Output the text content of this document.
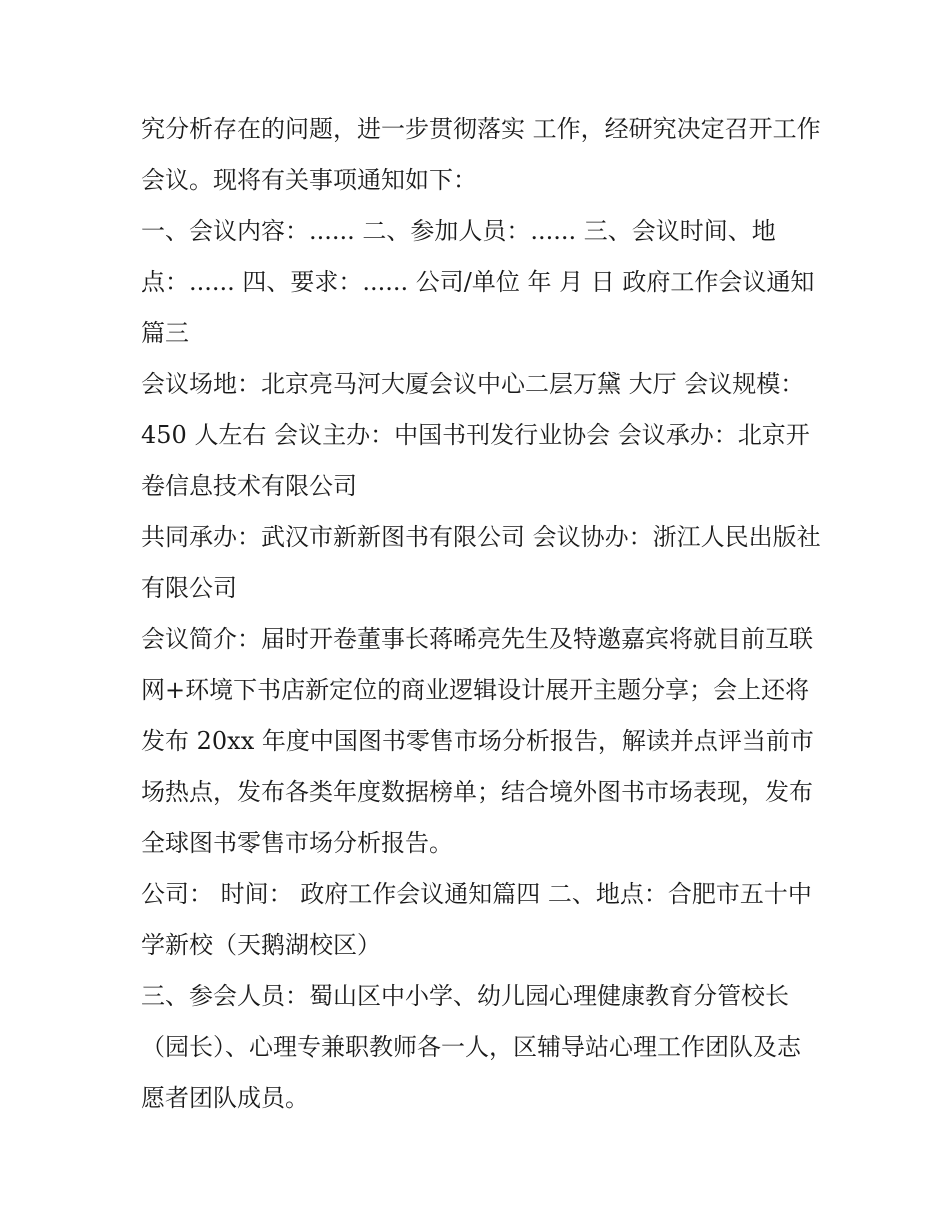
究分析存在的问题，进一步贯彻落实 工作，经研究决定召开工作会议。现将有关事项通知如下：

一、会议内容：...... 二、参加人员：...... 三、会议时间、地点：...... 四、要求：...... 公司/单位 年 月 日 政府工作会议通知篇三

会议场地：北京亮马河大厦会议中心二层万黛 大厅 会议规模：450 人左右 会议主办：中国书刊发行业协会 会议承办：北京开卷信息技术有限公司

共同承办：武汉市新新图书有限公司 会议协办：浙江人民出版社有限公司

会议简介：届时开卷董事长蒋晞亮先生及特邀嘉宾将就目前互联网+环境下书店新定位的商业逻辑设计展开主题分享；会上还将发布 20xx 年度中国图书零售市场分析报告，解读并点评当前市场热点，发布各类年度数据榜单；结合境外图书市场表现，发布全球图书零售市场分析报告。

公司： 时间： 政府工作会议通知篇四 二、地点：合肥市五十中学新校（天鹅湖校区）

三、参会人员：蜀山区中小学、幼儿园心理健康教育分管校长（园长）、心理专兼职教师各一人，区辅导站心理工作团队及志愿者团队成员。
